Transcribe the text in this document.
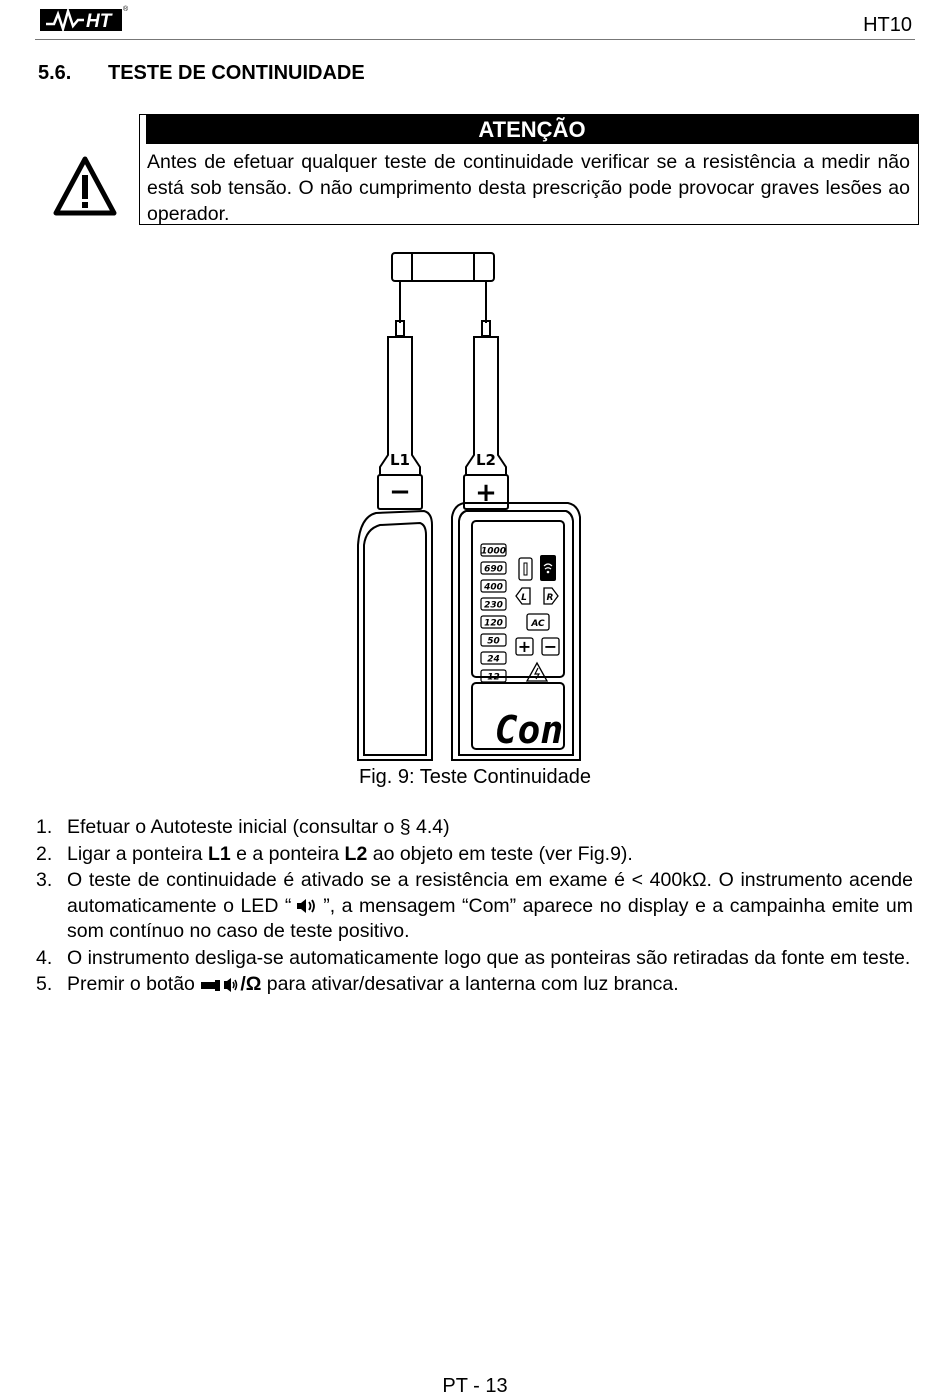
HT
®
HT10
5.6. TESTE DE CONTINUIDADE
ATENÇÃO
Antes de efetuar qualquer teste de continuidade verificar se a resistência a medir não está sob tensão. O não cumprimento desta prescrição pode provocar graves lesões ao operador.
L1	L2
− +
1000
690
400
230
120
50
24
12
L R
AC
+ −
Con
Fig. 9: Teste Continuidade
1. Efetuar o Autoteste inicial (consultar o § 4.4)
2. Ligar a ponteira L1 e a ponteira L2 ao objeto em teste (ver Fig.9).
3. O teste de continuidade é ativado se a resistência em exame é < 400kΩ. O instrumento acende automaticamente o LED “   ”, a mensagem “Com” aparece no display e a campainha emite um som contínuo no caso de teste positivo.
4. O instrumento desliga-se automaticamente logo que as ponteiras são retiradas da fonte em teste.
5. Premir o botão /Ω para ativar/desativar a lanterna com luz branca.
PT - 13
